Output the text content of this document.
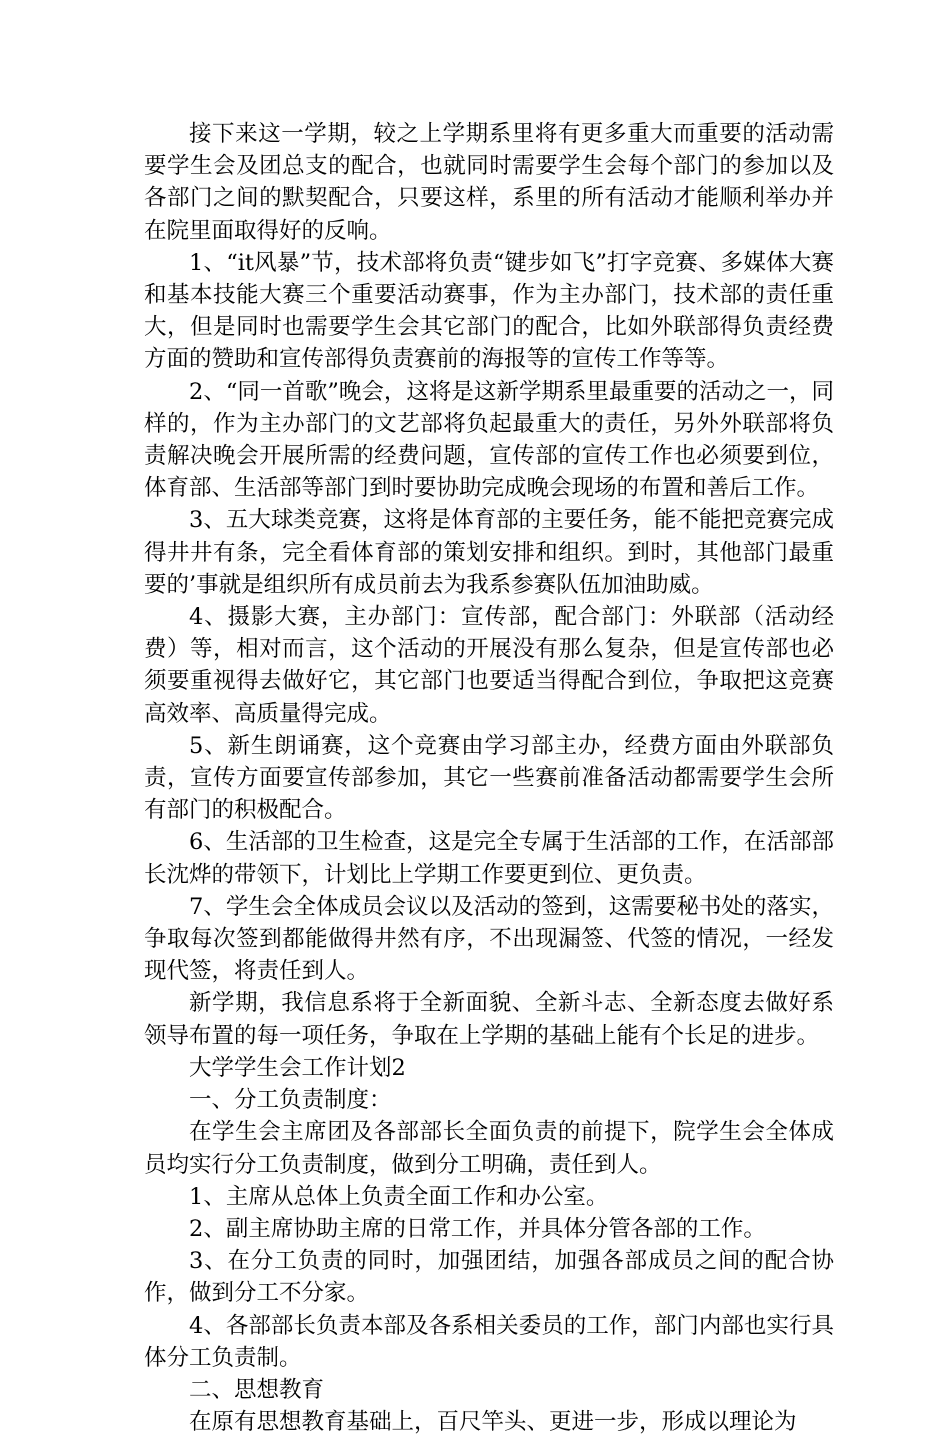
接下来这一学期，较之上学期系里将有更多重大而重要的活动需要学生会及团总支的配合，也就同时需要学生会每个部门的参加以及各部门之间的默契配合，只要这样，系里的所有活动才能顺利举办并在院里面取得好的反响。

1、“it风暴”节，技术部将负责“键步如飞”打字竞赛、多媒体大赛和基本技能大赛三个重要活动赛事，作为主办部门，技术部的责任重大，但是同时也需要学生会其它部门的配合，比如外联部得负责经费方面的赞助和宣传部得负责赛前的海报等的宣传工作等等。

2、“同一首歌”晚会，这将是这新学期系里最重要的活动之一，同样的，作为主办部门的文艺部将负起最重大的责任，另外外联部将负责解决晚会开展所需的经费问题，宣传部的宣传工作也必须要到位，体育部、生活部等部门到时要协助完成晚会现场的布置和善后工作。

3、五大球类竞赛，这将是体育部的主要任务，能不能把竞赛完成得井井有条，完全看体育部的策划安排和组织。到时，其他部门最重要的’事就是组织所有成员前去为我系参赛队伍加油助威。

4、摄影大赛，主办部门：宣传部，配合部门：外联部（活动经费）等，相对而言，这个活动的开展没有那么复杂，但是宣传部也必须要重视得去做好它，其它部门也要适当得配合到位，争取把这竞赛高效率、高质量得完成。

5、新生朗诵赛，这个竞赛由学习部主办，经费方面由外联部负责，宣传方面要宣传部参加，其它一些赛前准备活动都需要学生会所有部门的积极配合。

6、生活部的卫生检查，这是完全专属于生活部的工作，在活部部长沈烨的带领下，计划比上学期工作要更到位、更负责。

7、学生会全体成员会议以及活动的签到，这需要秘书处的落实，争取每次签到都能做得井然有序，不出现漏签、代签的情况，一经发现代签，将责任到人。

新学期，我信息系将于全新面貌、全新斗志、全新态度去做好系领导布置的每一项任务，争取在上学期的基础上能有个长足的进步。

大学学生会工作计划2

一、分工负责制度：

在学生会主席团及各部部长全面负责的前提下，院学生会全体成员均实行分工负责制度，做到分工明确，责任到人。

1、主席从总体上负责全面工作和办公室。

2、副主席协助主席的日常工作，并具体分管各部的工作。

3、在分工负责的同时，加强团结，加强各部成员之间的配合协作，做到分工不分家。

4、各部部长负责本部及各系相关委员的工作，部门内部也实行具体分工负责制。

二、思想教育

在原有思想教育基础上，百尺竿头、更进一步，形成以理论为
